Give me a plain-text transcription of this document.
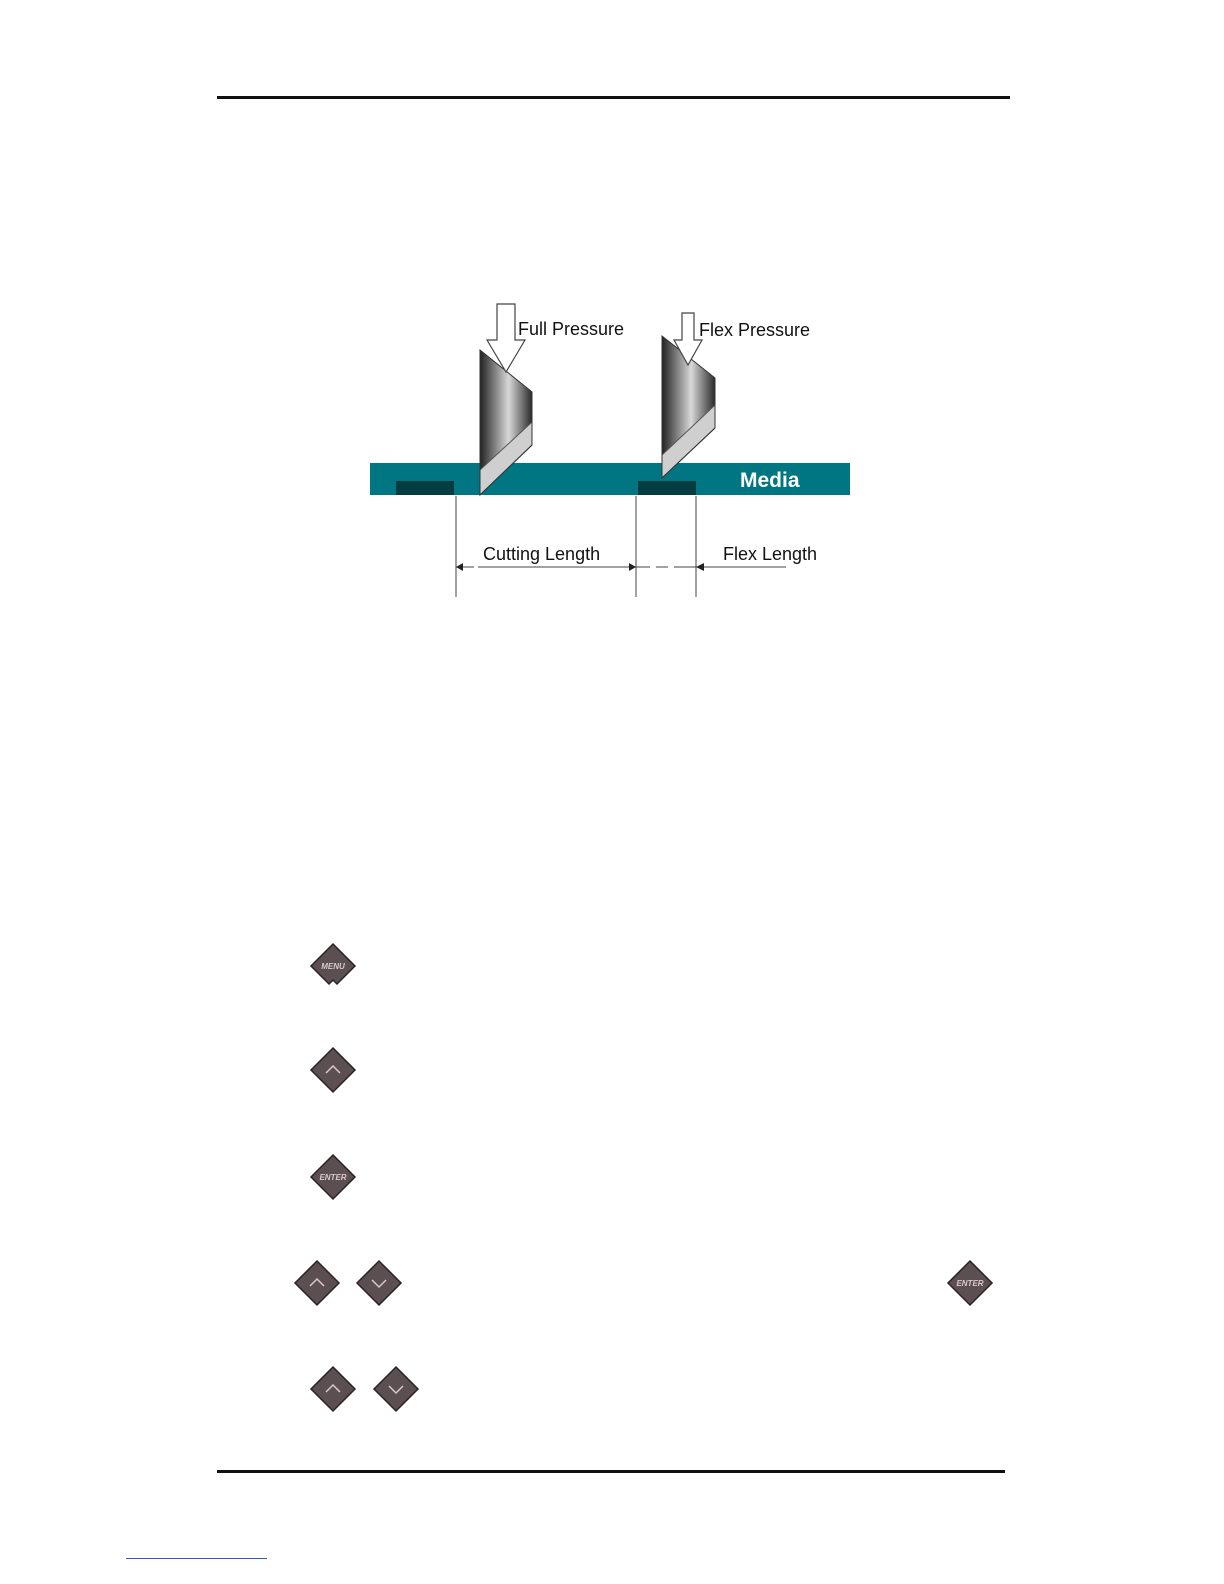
Media
Full Pressure	Flex Pressure
Cutting Length	Flex Length
MENU
ENTER
ENTER
